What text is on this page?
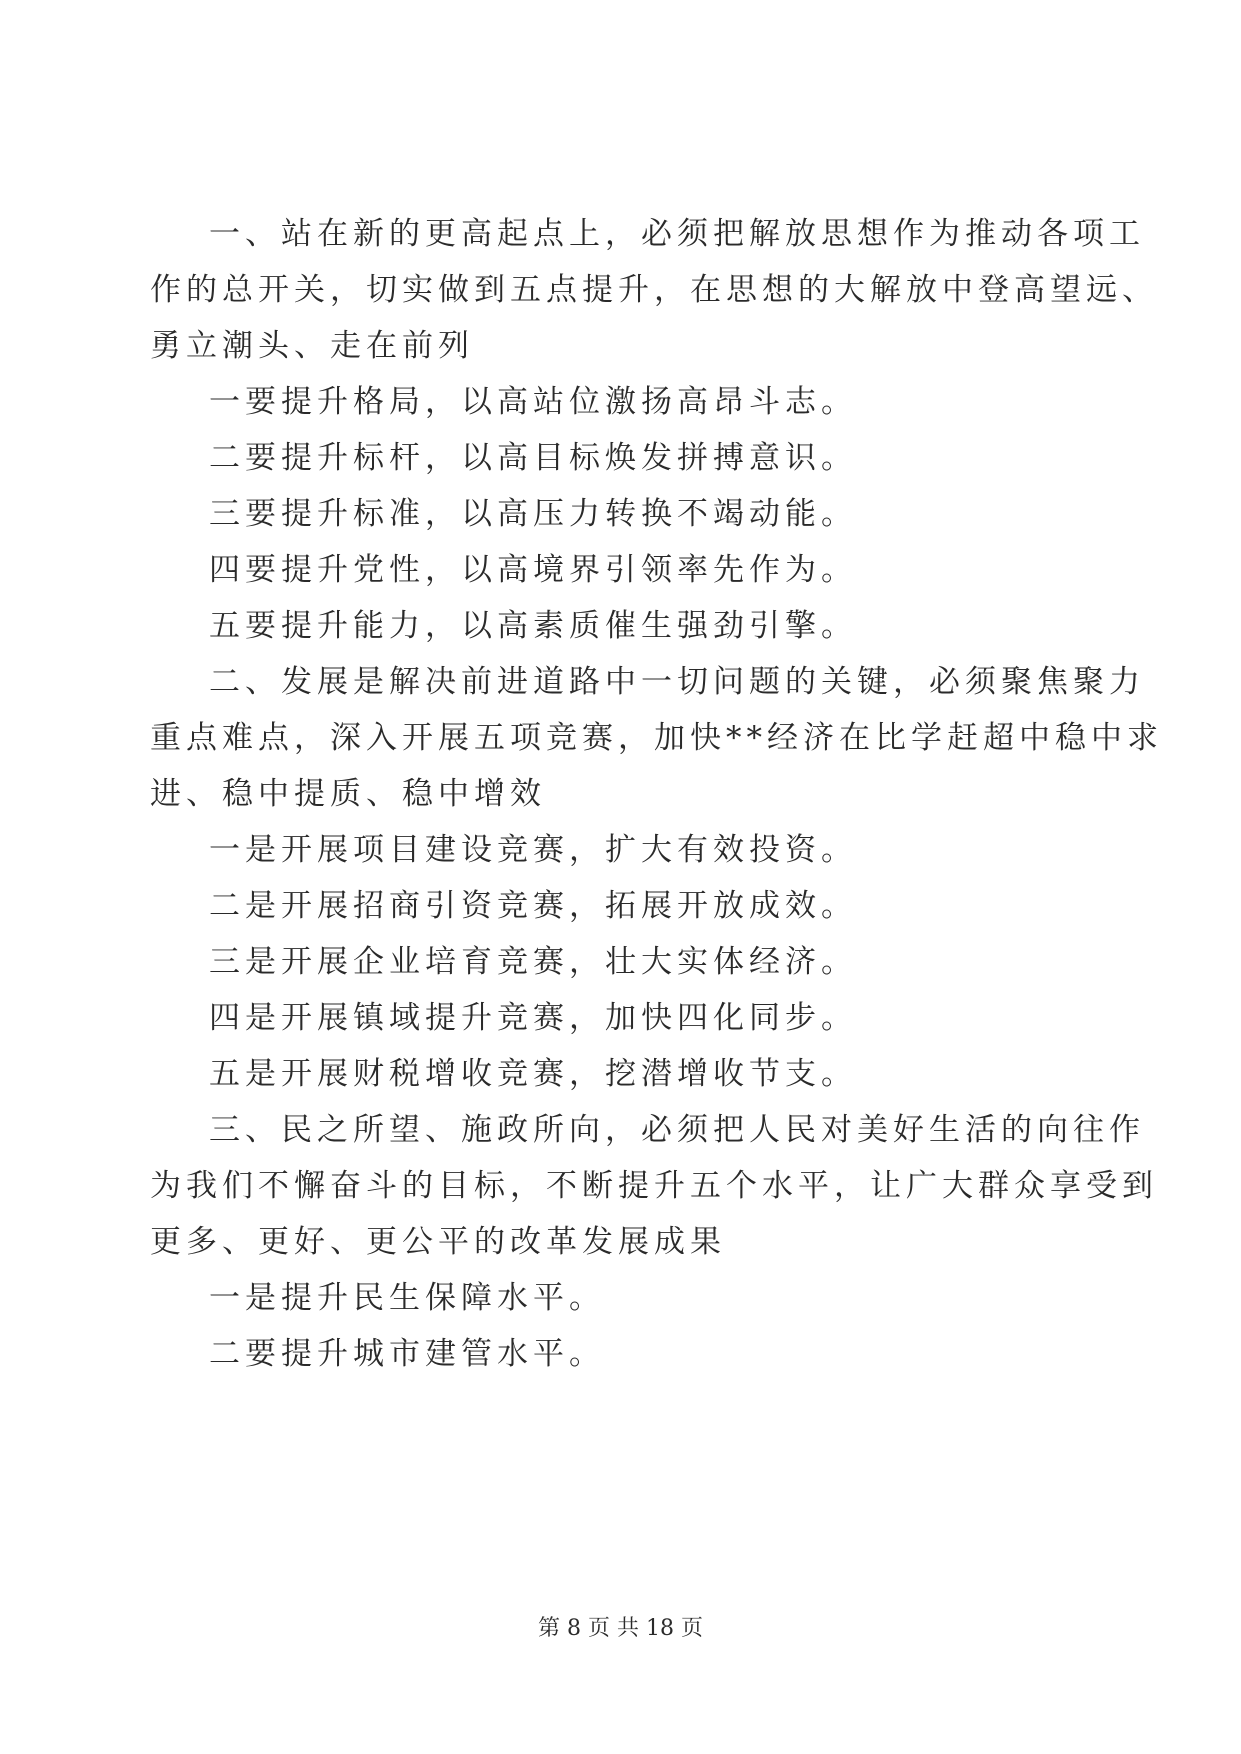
一、站在新的更高起点上，必须把解放思想作为推动各项工
作的总开关，切实做到五点提升，在思想的大解放中登高望远、
勇立潮头、走在前列
一要提升格局，以高站位激扬高昂斗志。
二要提升标杆，以高目标焕发拼搏意识。
三要提升标准，以高压力转换不竭动能。
四要提升党性，以高境界引领率先作为。
五要提升能力，以高素质催生强劲引擎。
二、发展是解决前进道路中一切问题的关键，必须聚焦聚力
重点难点，深入开展五项竞赛，加快**经济在比学赶超中稳中求
进、稳中提质、稳中增效
一是开展项目建设竞赛，扩大有效投资。
二是开展招商引资竞赛，拓展开放成效。
三是开展企业培育竞赛，壮大实体经济。
四是开展镇域提升竞赛，加快四化同步。
五是开展财税增收竞赛，挖潜增收节支。
三、民之所望、施政所向，必须把人民对美好生活的向往作
为我们不懈奋斗的目标，不断提升五个水平，让广大群众享受到
更多、更好、更公平的改革发展成果
一是提升民生保障水平。
二要提升城市建管水平。
第 8 页 共 18 页
